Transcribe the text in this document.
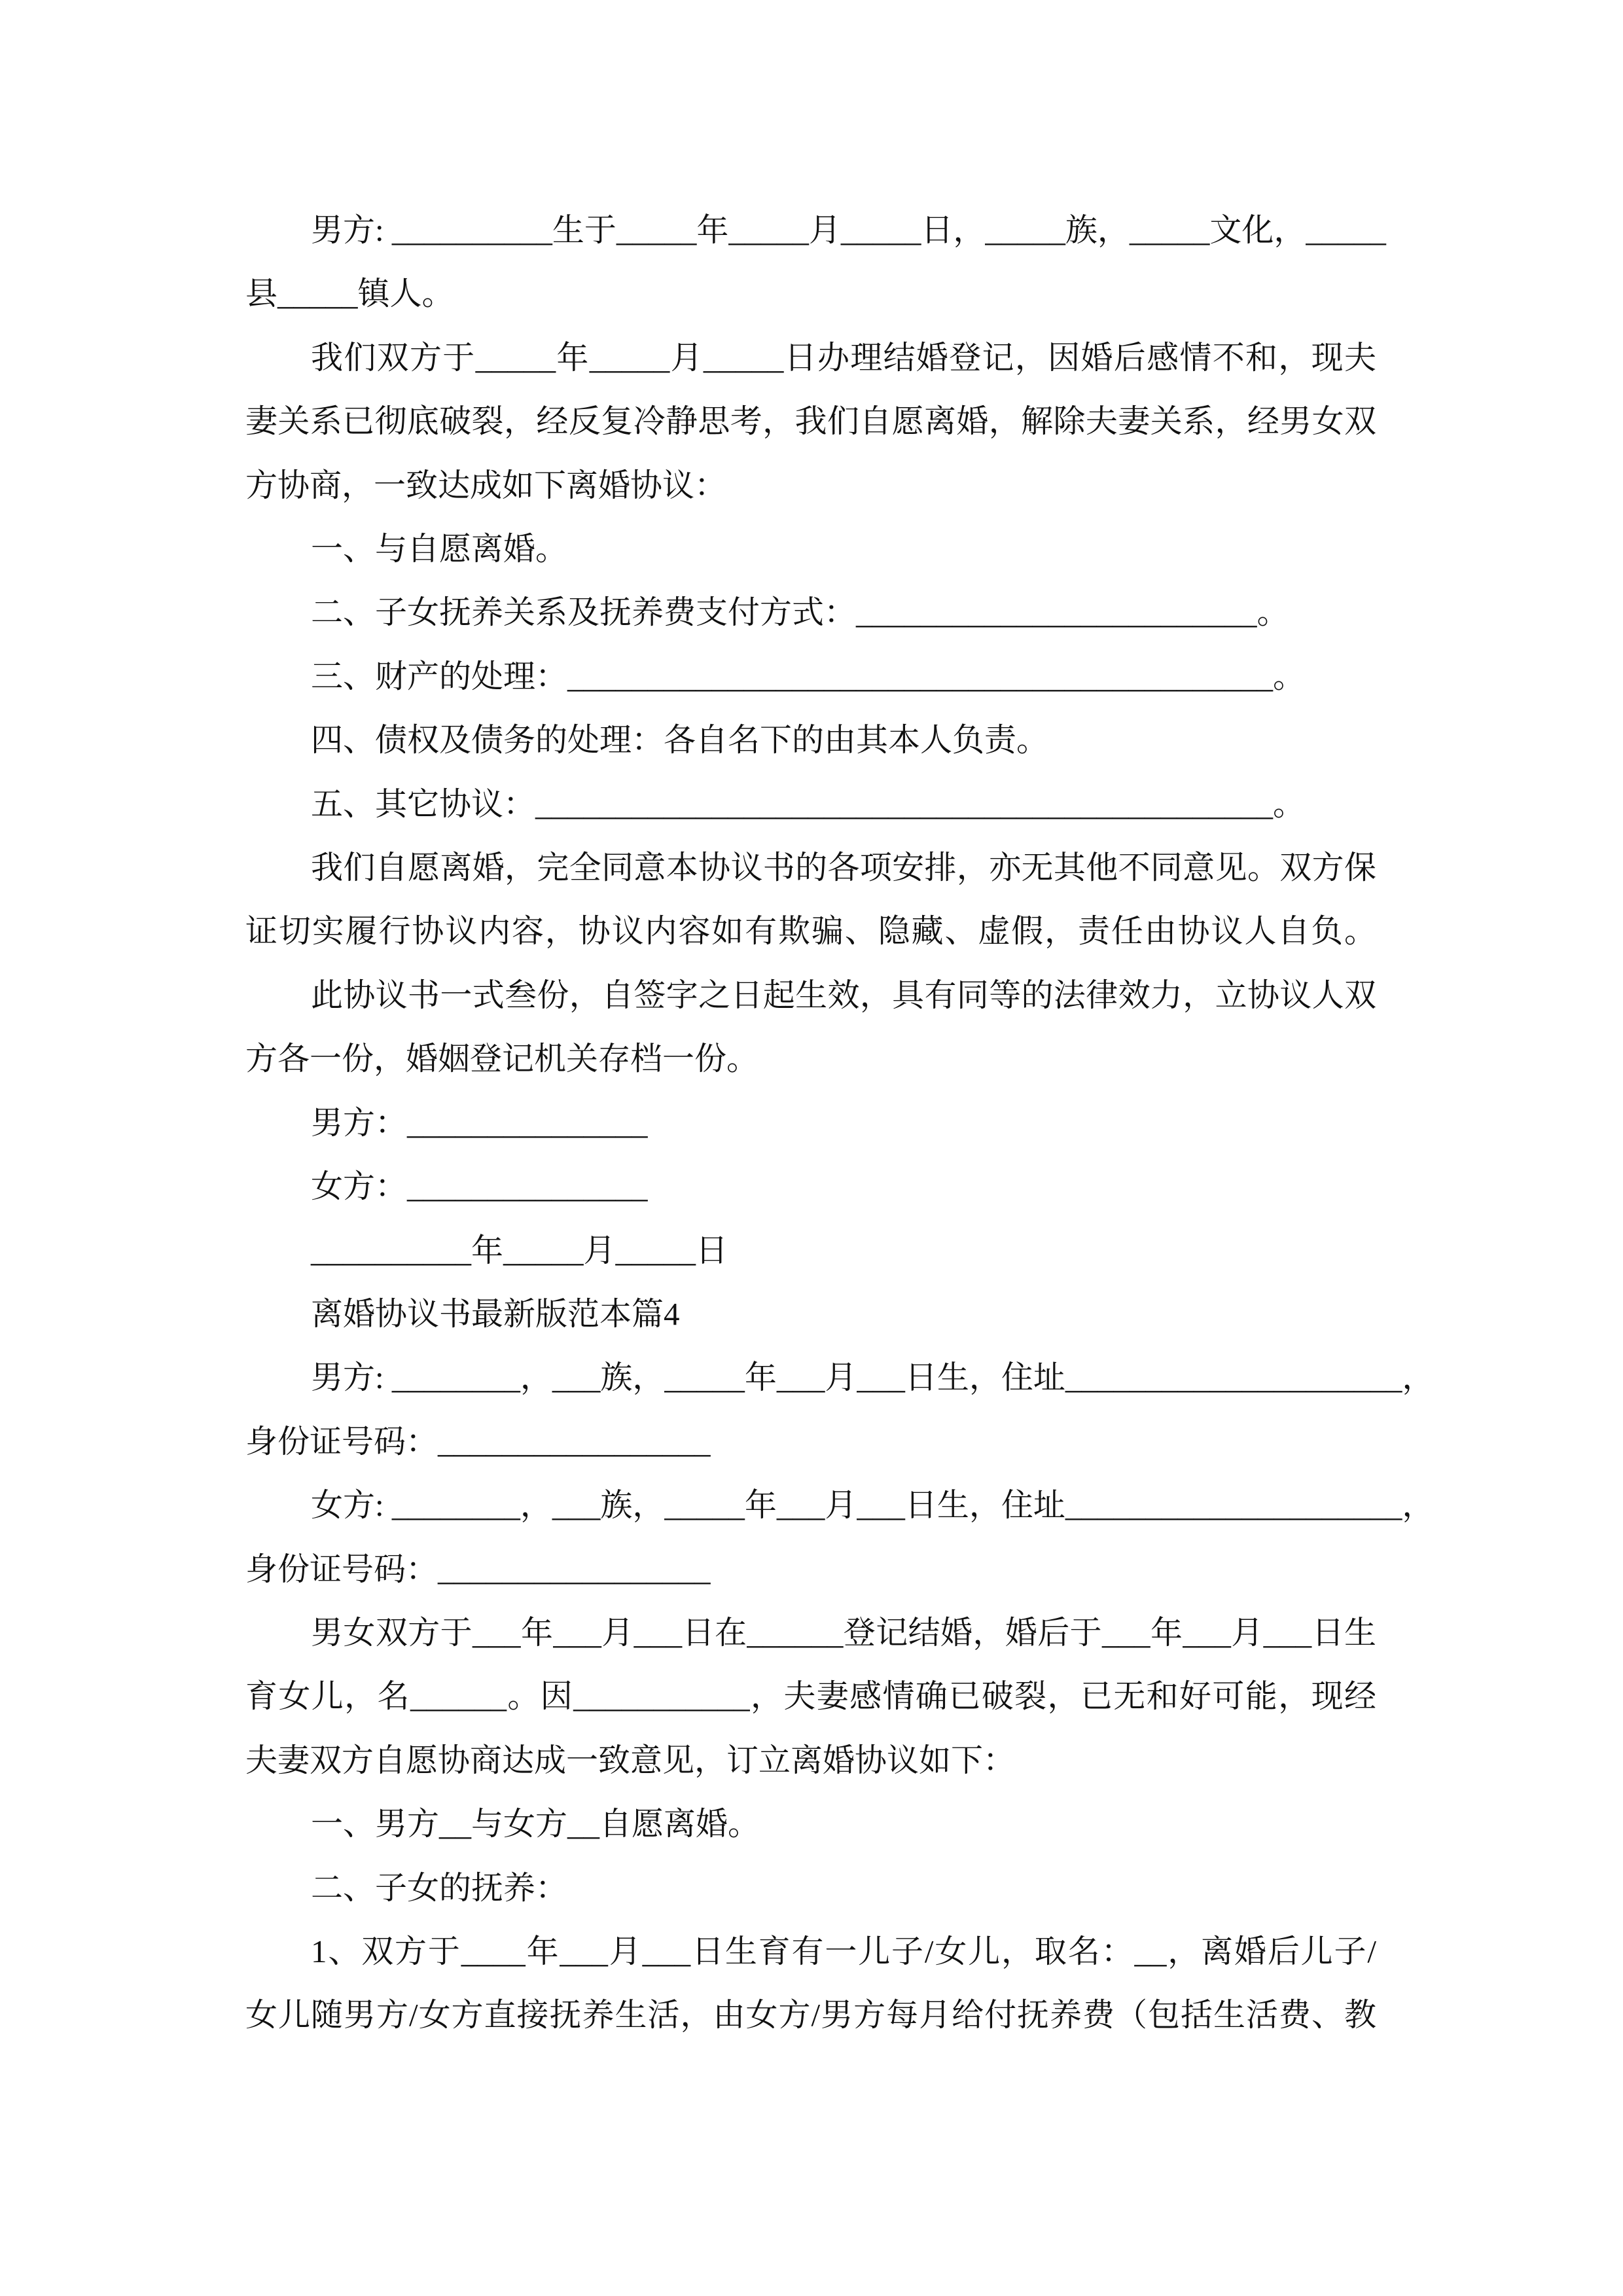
男方: __________生于_____年_____月_____日，_____族，_____文化，_____
县_____镇人。
我们双方于_____年_____月_____日办理结婚登记，因婚后感情不和，现夫
妻关系已彻底破裂，经反复冷静思考，我们自愿离婚，解除夫妻关系，经男女双
方协商，一致达成如下离婚协议：
一、与自愿离婚。
二、子女抚养关系及抚养费支付方式：_________________________。
三、财产的处理：____________________________________________。
四、债权及债务的处理：各自名下的由其本人负责。
五、其它协议：______________________________________________。
我们自愿离婚，完全同意本协议书的各项安排，亦无其他不同意见。双方保
证切实履行协议内容，协议内容如有欺骗、隐藏、虚假，责任由协议人自负。
此协议书一式叁份，自签字之日起生效，具有同等的法律效力，立协议人双
方各一份，婚姻登记机关存档一份。
男方：_______________
女方：_______________
__________年_____月_____日
离婚协议书最新版范本篇4
男方: ________，___族，_____年___月___日生，住址_____________________，
身份证号码：_________________
女方: ________，___族，_____年___月___日生，住址_____________________，
身份证号码：_________________
男女双方于___年___月___日在______登记结婚，婚后于___年___月___日生
育女儿，名______。因___________，夫妻感情确已破裂，已无和好可能，现经
夫妻双方自愿协商达成一致意见，订立离婚协议如下：
一、男方__与女方__自愿离婚。
二、子女的抚养：
1、双方于____年___月___日生育有一儿子/女儿，取名：__，离婚后儿子/
女儿随男方/女方直接抚养生活，由女方/男方每月给付抚养费（包括生活费、教
